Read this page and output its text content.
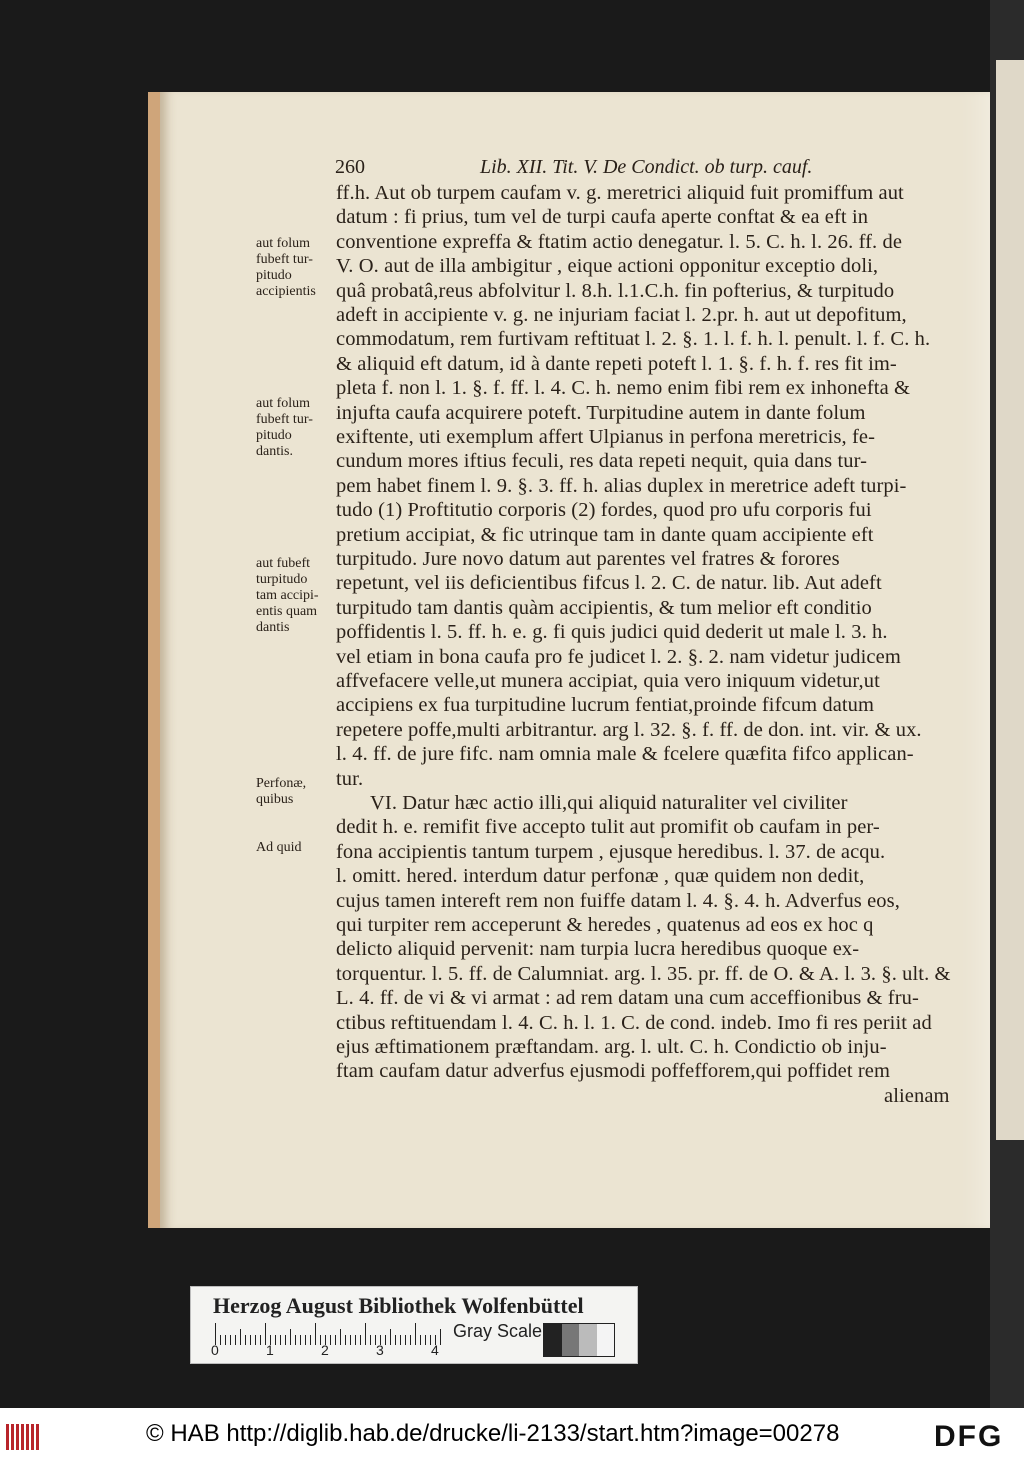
260	Lib. XII. Tit. V. De Condict. ob turp. cauf.
ff.h. Aut ob turpem caufam v. g. meretrici aliquid fuit promiffum aut
datum : fi prius, tum vel de turpi caufa aperte conftat & ea eft in
conventione expreffa & ftatim actio denegatur. l. 5. C. h. l. 26. ff. de
V. O. aut de illa ambigitur , eique actioni opponitur exceptio doli,
quâ probatâ,reus abfolvitur l. 8.h. l.1.C.h. fin pofterius, & turpitudo
adeft in accipiente v. g. ne injuriam faciat l. 2.pr. h. aut ut depofitum,
commodatum, rem furtivam reftituat l. 2. §. 1. l. f. h. l. penult. l. f. C. h.
& aliquid eft datum, id à dante repeti poteft l. 1. §. f. h. f. res fit im-
pleta f. non l. 1. §. f. ff. l. 4. C. h. nemo enim fibi rem ex inhonefta &
injufta caufa acquirere poteft. Turpitudine autem in dante folum
exiftente, uti exemplum affert Ulpianus in perfona meretricis, fe-
cundum mores iftius feculi, res data repeti nequit, quia dans tur-
pem habet finem l. 9. §. 3. ff. h. alias duplex in meretrice adeft turpi-
tudo (1) Proftitutio corporis (2) fordes, quod pro ufu corporis fui
pretium accipiat, & fic utrinque tam in dante quam accipiente eft
turpitudo. Jure novo datum aut parentes vel fratres & forores
repetunt, vel iis deficientibus fifcus l. 2. C. de natur. lib. Aut adeft
turpitudo tam dantis quàm accipientis, & tum melior eft conditio
poffidentis l. 5. ff. h. e. g. fi quis judici quid dederit ut male l. 3. h.
vel etiam in bona caufa pro fe judicet l. 2. §. 2. nam videtur judicem
affvefacere velle,ut munera accipiat, quia vero iniquum videtur,ut
accipiens ex fua turpitudine lucrum fentiat,proinde fifcum datum
repetere poffe,multi arbitrantur. arg l. 32. §. f. ff. de don. int. vir. & ux.
l. 4. ff. de jure fifc. nam omnia male & fcelere quæfita fifco applican-
tur.
VI. Datur hæc actio illi,qui aliquid naturaliter vel civiliter
dedit h. e. remifit five accepto tulit aut promifit ob caufam in per-
fona accipientis tantum turpem , ejusque heredibus. l. 37. de acqu.
l. omitt. hered. interdum datur perfonæ , quæ quidem non dedit,
cujus tamen intereft rem non fuiffe datam l. 4. §. 4. h. Adverfus eos,
qui turpiter rem acceperunt & heredes , quatenus ad eos ex hoc q
delicto aliquid pervenit: nam turpia lucra heredibus quoque ex-
torquentur. l. 5. ff. de Calumniat. arg. l. 35. pr. ff. de O. & A. l. 3. §. ult. &
L. 4. ff. de vi & vi armat : ad rem datam una cum acceffionibus & fru-
ctibus reftituendam l. 4. C. h. l. 1. C. de cond. indeb. Imo fi res periit ad
ejus æftimationem præftandam. arg. l. ult. C. h. Condictio ob inju-
ftam caufam datur adverfus ejusmodi poffefforem,qui poffidet rem
alienam
aut folum
fubeft tur-
pitudo
accipientis
aut folum
fubeft tur-
pitudo
dantis.
aut fubeft
turpitudo
tam accipi-
entis quam
dantis
Perfonæ,
quibus
Ad quid
Herzog August Bibliothek Wolfenbüttel
Gray Scale
0	1	2	3	4
© HAB http://diglib.hab.de/drucke/li-2133/start.htm?image=00278	DFG
